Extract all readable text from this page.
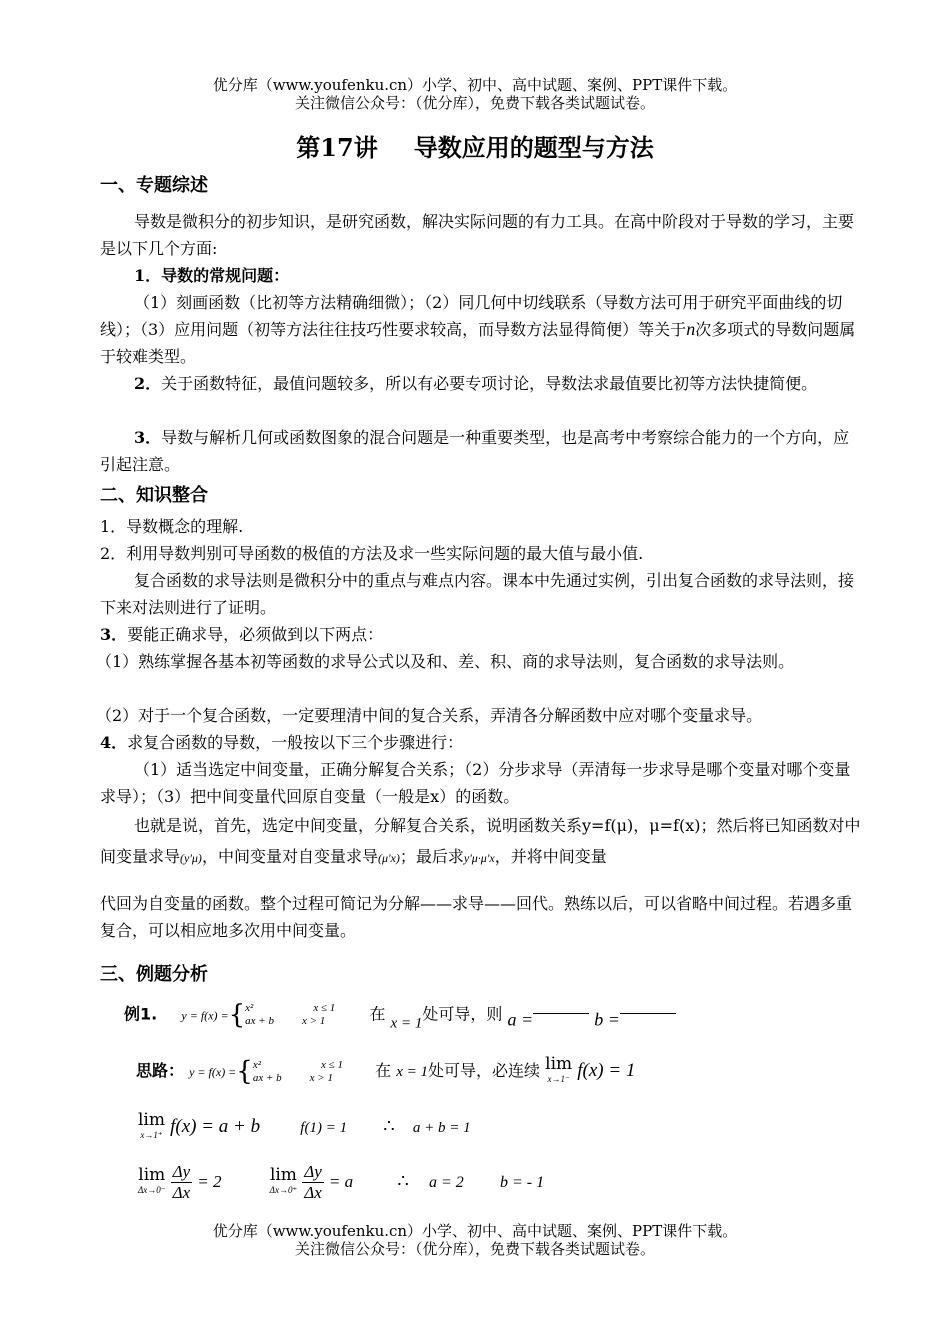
优分库（www.youfenku.cn）小学、初中、高中试题、案例、PPT课件下载。
关注微信公众号：（优分库），免费下载各类试题试卷。
第17讲 导数应用的题型与方法
一、专题综述
导数是微积分的初步知识，是研究函数，解决实际问题的有力工具。在高中阶段对于导数的学习，主要是以下几个方面:
1．导数的常规问题：
（1）刻画函数（比初等方法精确细微）；（2）同几何中切线联系（导数方法可用于研究平面曲线的切线）；（3）应用问题（初等方法往往技巧性要求较高，而导数方法显得简便）等关于n次多项式的导数问题属于较难类型。
2．关于函数特征，最值问题较多，所以有必要专项讨论，导数法求最值要比初等方法快捷简便。
3．导数与解析几何或函数图象的混合问题是一种重要类型，也是高考中考察综合能力的一个方向，应引起注意。
二、知识整合
1．导数概念的理解.
2．利用导数判别可导函数的极值的方法及求一些实际问题的最大值与最小值.
复合函数的求导法则是微积分中的重点与难点内容。课本中先通过实例，引出复合函数的求导法则，接下来对法则进行了证明。
3．要能正确求导，必须做到以下两点：
（1）熟练掌握各基本初等函数的求导公式以及和、差、积、商的求导法则，复合函数的求导法则。
（2）对于一个复合函数，一定要理清中间的复合关系，弄清各分解函数中应对哪个变量求导。
4．求复合函数的导数，一般按以下三个步骤进行：
（1）适当选定中间变量，正确分解复合关系；（2）分步求导（弄清每一步求导是哪个变量对哪个变量求导）；（3）把中间变量代回原自变量（一般是x）的函数。
也就是说，首先，选定中间变量，分解复合关系，说明函数关系y=f(μ)，μ=f(x)；然后将已知函数对中间变量求导(y'μ)，中间变量对自变量求导(μ'x)；最后求y'μ·μ'x，并将中间变量
代回为自变量的函数。整个过程可简记为分解——求导——回代。熟练以后，可以省略中间过程。若遇多重复合，可以相应地多次用中间变量。
三、例题分析
例1. y = f(x) ={x²	x ≤ 1
ax + b	x > 1	在 x = 1处可导，则 a =	b =
思路： y = f(x) ={x²	x ≤ 1
ax + b	x > 1	在 x = 1处可导，必连续 lim
x→1⁻ f(x) = 1
lim
x→1⁺ f(x) = a + b	f(1) = 1 ∴ a + b = 1
lim
Δx→0⁻
$\frac{\Delta y}{\Delta x} = 2$	lim
Δx→0⁺
$\frac{\Delta y}{\Delta x} = a$ ∴ a = 2 b = - 1
优分库（www.youfenku.cn）小学、初中、高中试题、案例、PPT课件下载。
关注微信公众号：（优分库），免费下载各类试题试卷。
